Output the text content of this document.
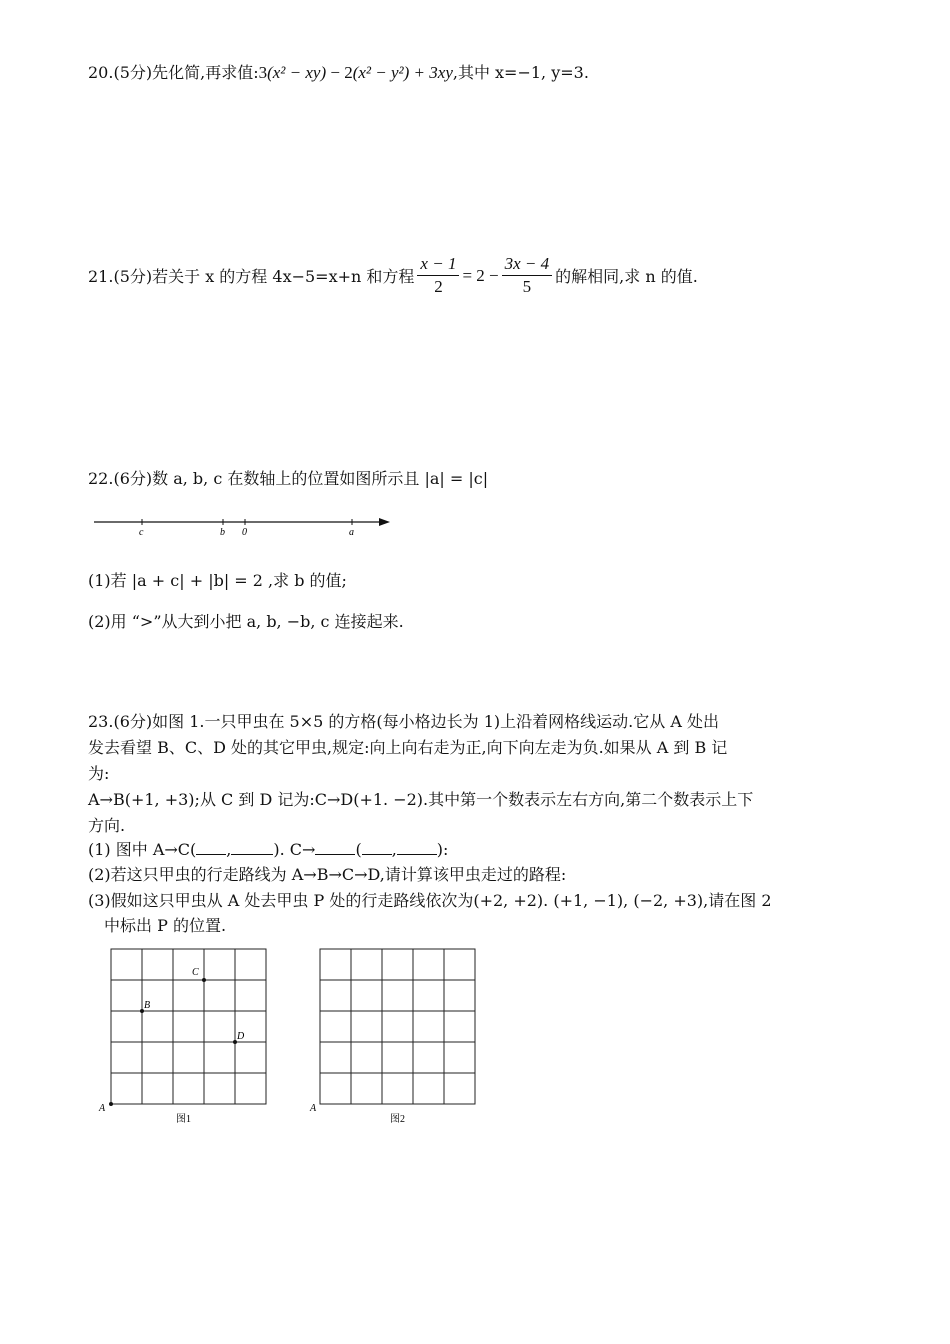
20.(5分)先化简,再求值:3(x² − xy) − 2(x² − y²) + 3xy,其中 x=−1, y=3.
21.(5分)若关于 x 的方程 4x−5=x+n 和方程 $\frac{x - 1}{2} = 2 - \frac{3x - 4}{5}$ 的解相同,求 n 的值.
22.(6分)数 a, b, c 在数轴上的位置如图所示且 |a| = |c|
c	b 0	a
(1)若 |a + c| + |b| = 2 ,求 b 的值;
(2)用 “>”从大到小把 a, b, −b, c 连接起来.
23.(6分)如图 1.一只甲虫在 5×5 的方格(每小格边长为 1)上沿着网格线运动.它从 A 处出
发去看望 B、C、D 处的其它甲虫,规定:向上向右走为正,向下向左走为负.如果从 A 到 B 记
为:
A→B(+1, +3);从 C 到 D 记为:C→D(+1. −2).其中第一个数表示左右方向,第二个数表示上下
方向.
(1) 图中 A→C( ,	). C→	( ,	):
(2)若这只甲虫的行走路线为 A→B→C→D,请计算该甲虫走过的路程:
(3)假如这只甲虫从 A 处去甲虫 P 处的行走路线依次为(+2, +2). (+1, −1), (−2, +3),请在图 2
中标出 P 的位置.
A
B
C
D
图1
A
图2
